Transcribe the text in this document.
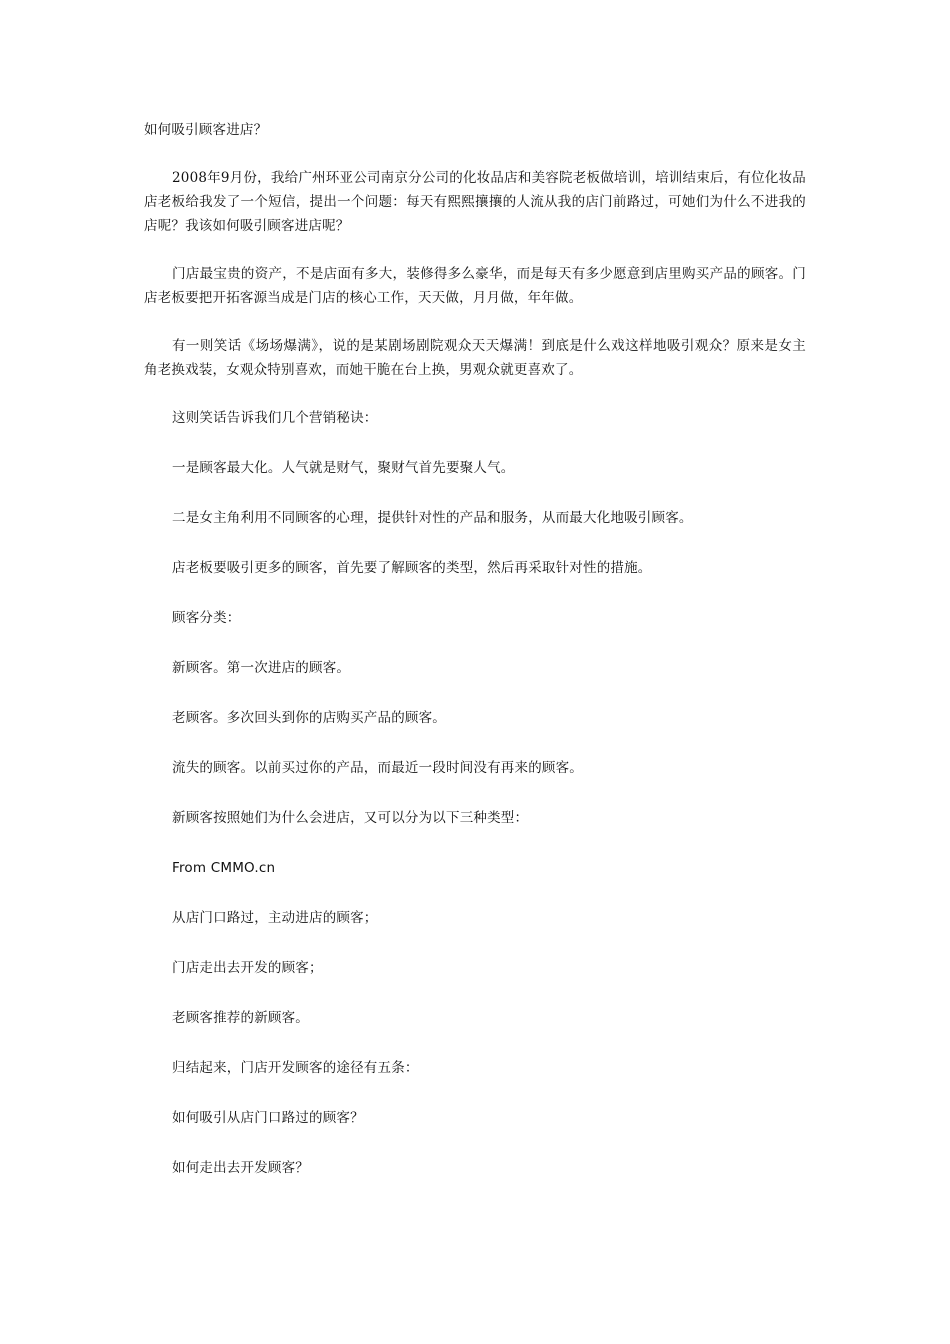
如何吸引顾客进店？

2008年9月份，我给广州环亚公司南京分公司的化妆品店和美容院老板做培训，培训结束后，有位化妆品店老板给我发了一个短信，提出一个问题：每天有熙熙攘攘的人流从我的店门前路过，可她们为什么不进我的店呢？我该如何吸引顾客进店呢？

门店最宝贵的资产，不是店面有多大，装修得多么豪华，而是每天有多少愿意到店里购买产品的顾客。门店老板要把开拓客源当成是门店的核心工作，天天做，月月做，年年做。

有一则笑话《场场爆满》，说的是某剧场剧院观众天天爆满！到底是什么戏这样地吸引观众？原来是女主角老换戏装，女观众特别喜欢，而她干脆在台上换，男观众就更喜欢了。

这则笑话告诉我们几个营销秘诀：

一是顾客最大化。人气就是财气，聚财气首先要聚人气。

二是女主角利用不同顾客的心理，提供针对性的产品和服务，从而最大化地吸引顾客。

店老板要吸引更多的顾客，首先要了解顾客的类型，然后再采取针对性的措施。

顾客分类：

新顾客。第一次进店的顾客。

老顾客。多次回头到你的店购买产品的顾客。

流失的顾客。以前买过你的产品，而最近一段时间没有再来的顾客。

新顾客按照她们为什么会进店，又可以分为以下三种类型：

From CMMO.cn

从店门口路过，主动进店的顾客；

门店走出去开发的顾客；

老顾客推荐的新顾客。

归结起来，门店开发顾客的途径有五条：

如何吸引从店门口路过的顾客？

如何走出去开发顾客？
